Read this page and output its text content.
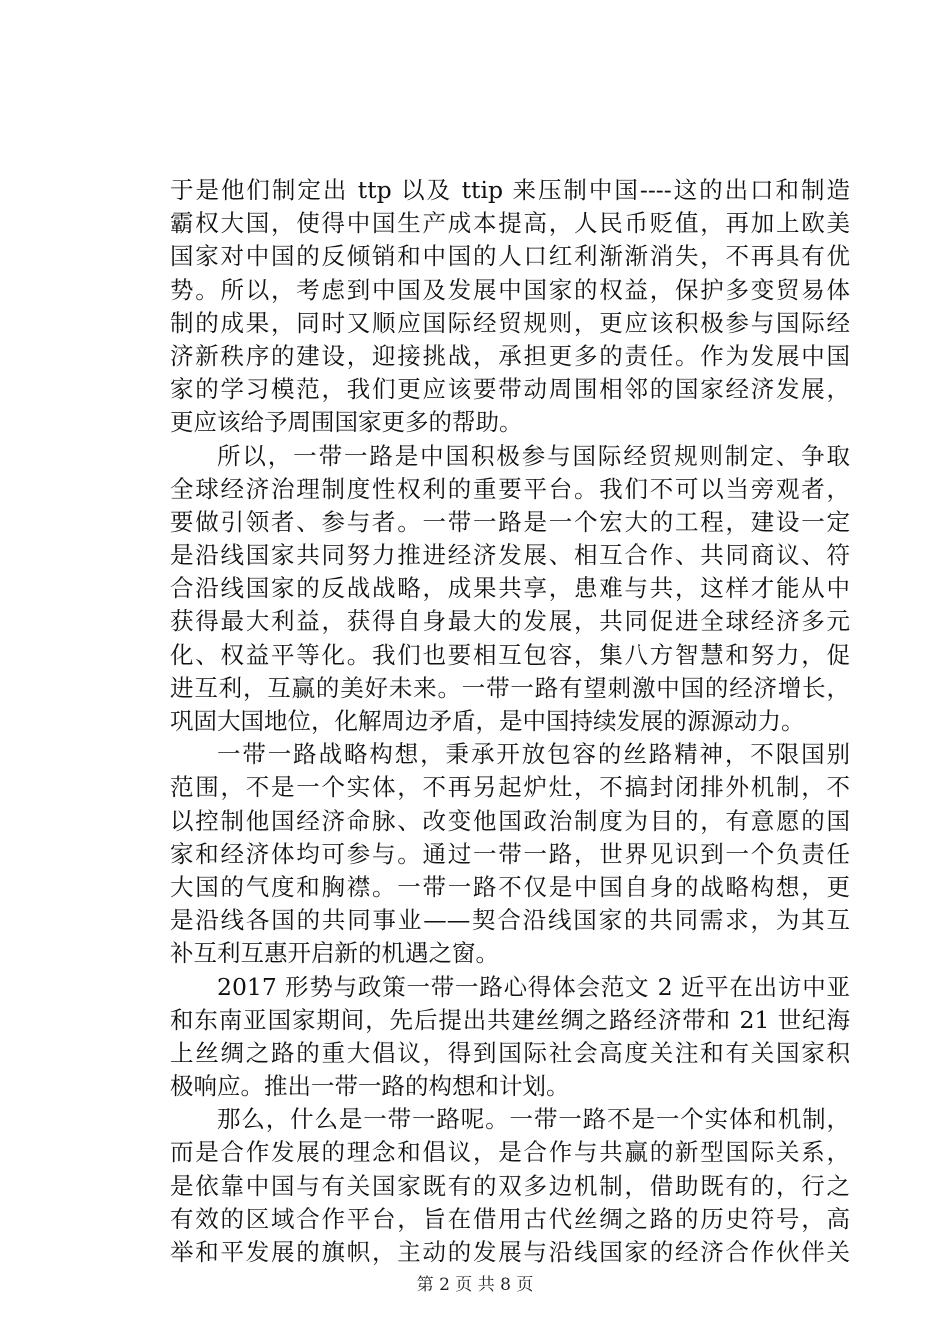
于是他们制定出 ttp 以及 ttip 来压制中国----这的出口和制造
霸权大国，使得中国生产成本提高，人民币贬值，再加上欧美
国家对中国的反倾销和中国的人口红利渐渐消失，不再具有优
势。所以，考虑到中国及发展中国家的权益，保护多变贸易体
制的成果，同时又顺应国际经贸规则，更应该积极参与国际经
济新秩序的建设，迎接挑战，承担更多的责任。作为发展中国
家的学习模范，我们更应该要带动周围相邻的国家经济发展，
更应该给予周围国家更多的帮助。
所以，一带一路是中国积极参与国际经贸规则制定、争取
全球经济治理制度性权利的重要平台。我们不可以当旁观者，
要做引领者、参与者。一带一路是一个宏大的工程，建设一定
是沿线国家共同努力推进经济发展、相互合作、共同商议、符
合沿线国家的反战战略，成果共享，患难与共，这样才能从中
获得最大利益，获得自身最大的发展，共同促进全球经济多元
化、权益平等化。我们也要相互包容，集八方智慧和努力，促
进互利，互赢的美好未来。一带一路有望刺激中国的经济增长，
巩固大国地位，化解周边矛盾，是中国持续发展的源源动力。
一带一路战略构想，秉承开放包容的丝路精神，不限国别
范围，不是一个实体，不再另起炉灶，不搞封闭排外机制，不
以控制他国经济命脉、改变他国政治制度为目的，有意愿的国
家和经济体均可参与。通过一带一路，世界见识到一个负责任
大国的气度和胸襟。一带一路不仅是中国自身的战略构想，更
是沿线各国的共同事业——契合沿线国家的共同需求，为其互
补互利互惠开启新的机遇之窗。
2017 形势与政策一带一路心得体会范文 2 近平在出访中亚
和东南亚国家期间，先后提出共建丝绸之路经济带和 21 世纪海
上丝绸之路的重大倡议，得到国际社会高度关注和有关国家积
极响应。推出一带一路的构想和计划。
那么，什么是一带一路呢。一带一路不是一个实体和机制，
而是合作发展的理念和倡议，是合作与共赢的新型国际关系，
是依靠中国与有关国家既有的双多边机制，借助既有的，行之
有效的区域合作平台，旨在借用古代丝绸之路的历史符号，高
举和平发展的旗帜，主动的发展与沿线国家的经济合作伙伴关
第 2 页 共 8 页
